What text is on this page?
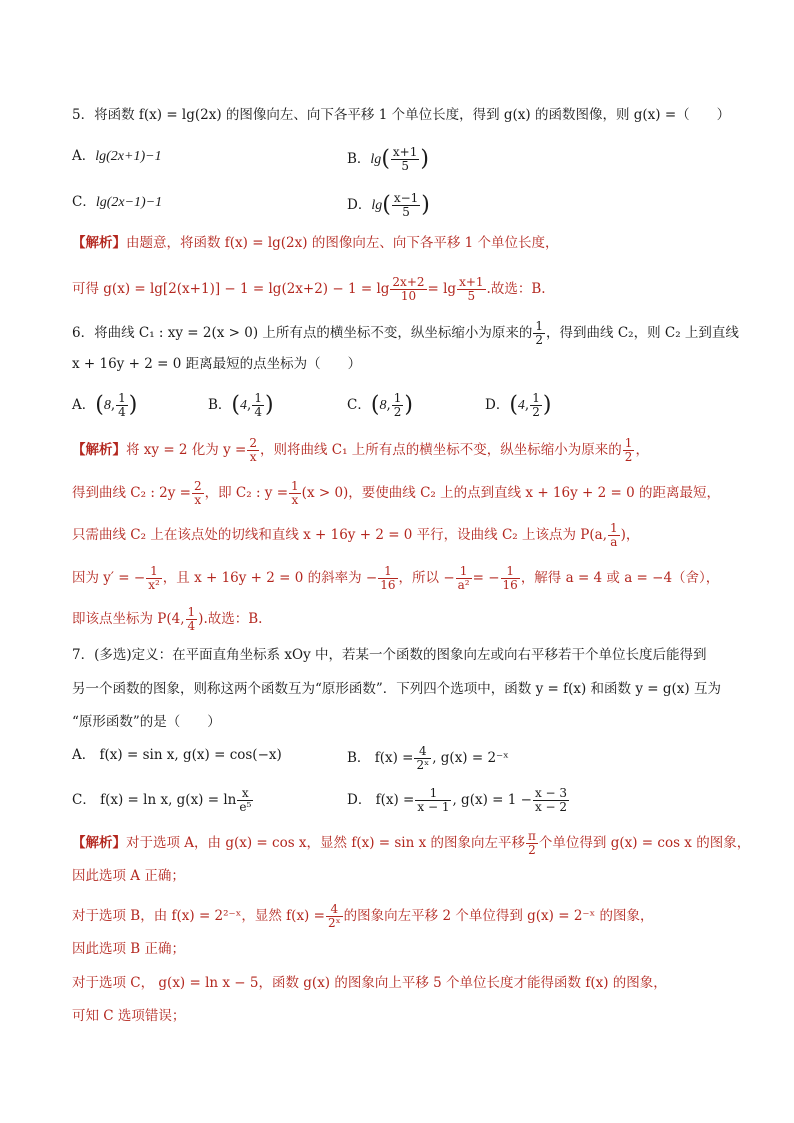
5．将函数 f(x) = lg(2x) 的图像向左、向下各平移 1 个单位长度，得到 g(x) 的函数图像，则 g(x) =（　　）
A．lg(2x+1)−1	B．$\lg( \frac{x+1}{5}$ )
C．lg(2x−1)−1	D．$\lg( \frac{x-1}{5}$ )
【解析】由题意，将函数 f(x) = lg(2x) 的图像向左、向下各平移 1 个单位长度，
可得 $g(x) = \lg[2(x+1)] - 1 = \lg(2x+2) - 1 = \lg \frac{2x+2}{10} = \lg \frac{x+1}{5}$ .故选：B.
6．将曲线 C₁ : xy = 2(x > 0) 上所有点的横坐标不变，纵坐标缩小为原来的 $\frac{1}{2}$ ，得到曲线 C₂，则 C₂ 上到直线
x + 16y + 2 = 0 距离最短的点坐标为（　　）
A．(8, $\frac{1}{4}$ )	B．(4, $\frac{1}{4}$ )	C．(8, $\frac{1}{2}$ )	D．(4, $\frac{1}{2}$ )
【解析】将 xy = 2 化为 $y = \frac{2}{x}$ ，则将曲线 C₁ 上所有点的横坐标不变，纵坐标缩小为原来的 $\frac{1}{2}$ ，
得到曲线 C₂ : $2y = \frac{2}{x}$ ，即 C₂ : $y = \frac{1}{x} (x > 0)$，要使曲线 C₂ 上的点到直线 x + 16y + 2 = 0 的距离最短，
只需曲线 C₂ 上在该点处的切线和直线 x + 16y + 2 = 0 平行，设曲线 C₂ 上该点为 P(a, $\frac{1}{a}$ )，
因为 y′ = − $\frac{1}{\text{x²}}$ ，且 x + 16y + 2 = 0 的斜率为 − $\frac{1}{16}$ ，所以 − $\frac{1}{\text{a²}}$ = − $\frac{1}{16}$ ，解得 a = 4 或 a = −4（舍），
即该点坐标为 P(4, $\frac{1}{4}$ ).故选：B.
7．(多选)定义：在平面直角坐标系 xOy 中，若某一个函数的图象向左或向右平移若干个单位长度后能得到
另一个函数的图象，则称这两个函数互为“原形函数”．下列四个选项中，函数 y = f(x) 和函数 y = g(x) 互为
“原形函数”的是（　　）
A． f(x) = sin x, g(x) = cos(−x)	B． $f(x) = \frac{4}{\text{2ˣ}}$ , g(x) = 2⁻ˣ
C． f(x) = ln x, $g(x) = \ln \frac{x}{\text{e⁵}}$	D． $f(x) = \frac{1}{x - 1}$ , $g(x) = 1 - \frac{x - 3}{x - 2}$
【解析】对于选项 A，由 g(x) = cos x，显然 f(x) = sin x 的图象向左平移 $\frac{\pi}{2}$ 个单位得到 g(x) = cos x 的图象，
因此选项 A 正确；
对于选项 B，由 f(x) = 2²⁻ˣ，显然 $f(x) = \frac{4}{\text{2ˣ}}$ 的图象向左平移 2 个单位得到 g(x) = 2⁻ˣ 的图象，
因此选项 B 正确；
对于选项 C， g(x) = ln x − 5，函数 g(x) 的图象向上平移 5 个单位长度才能得函数 f(x) 的图象，
可知 C 选项错误；
